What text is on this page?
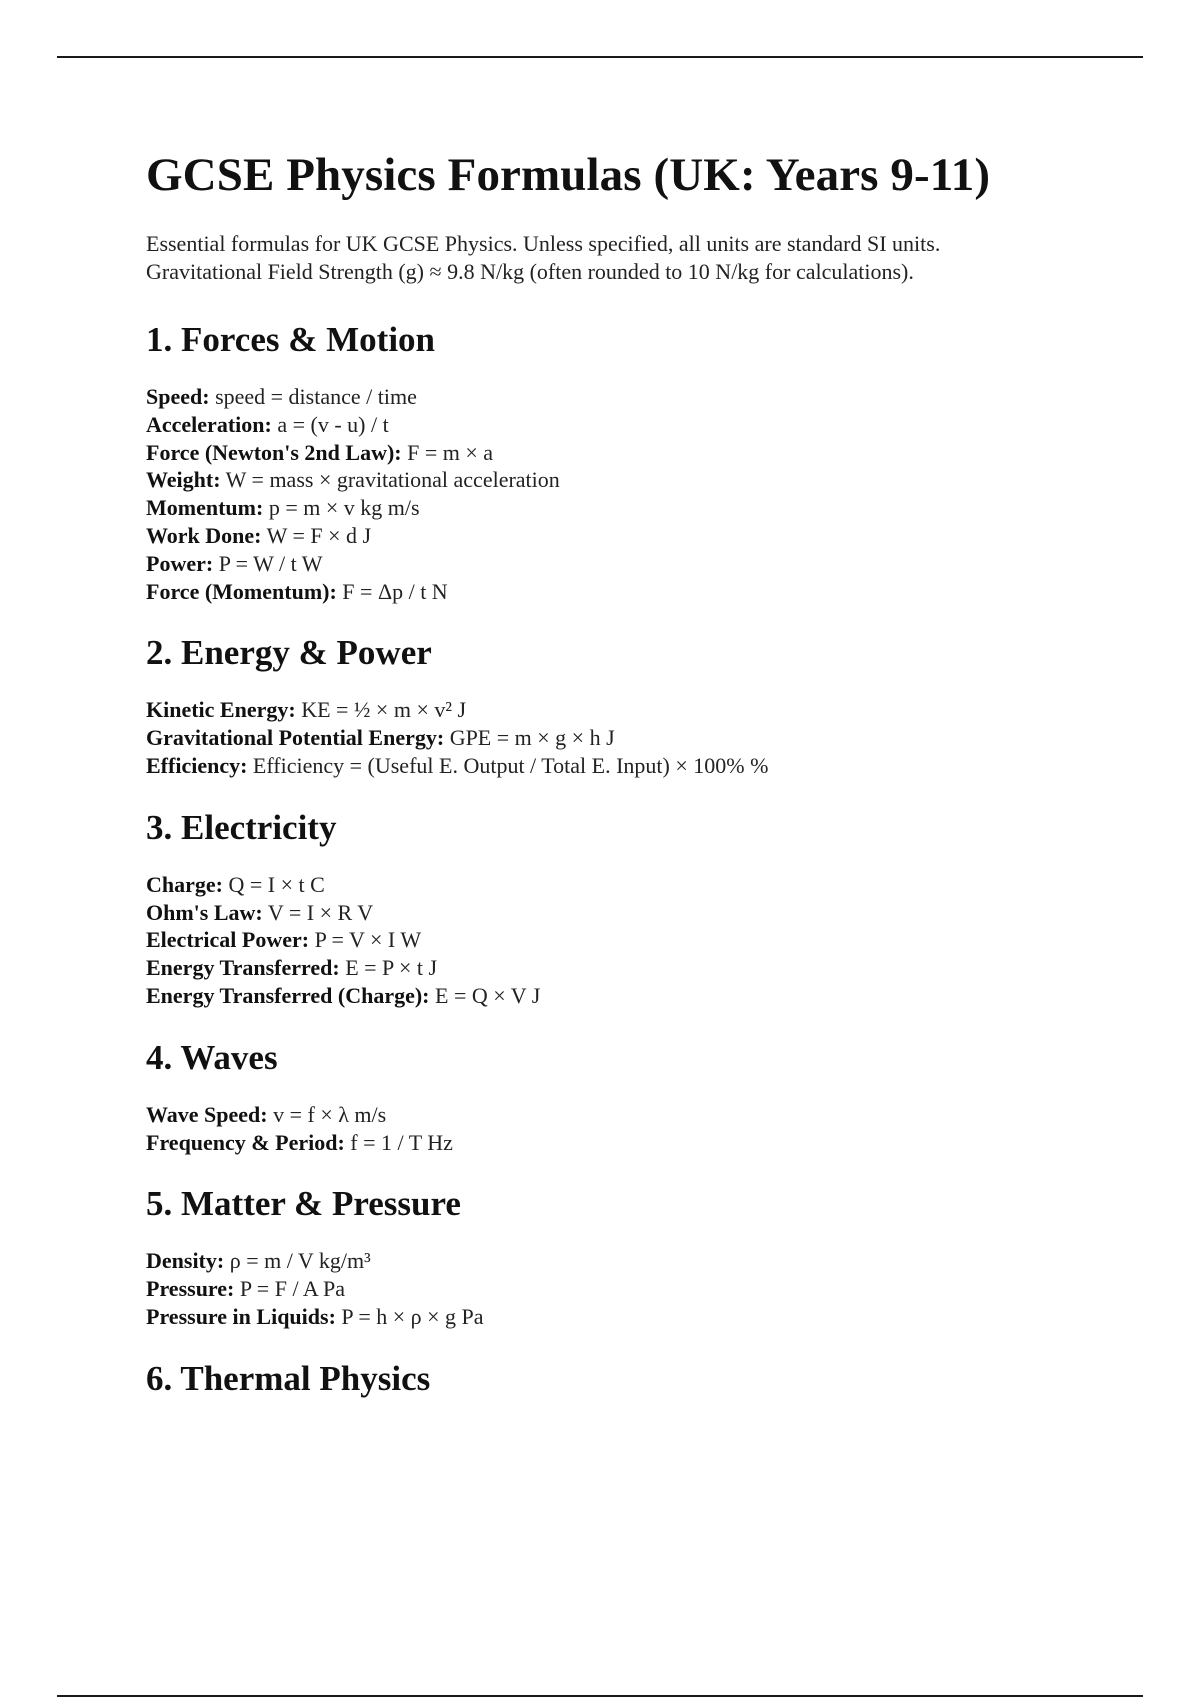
GCSE Physics Formulas (UK: Years 9-11)

Essential formulas for UK GCSE Physics. Unless specified, all units are standard SI units.

Gravitational Field Strength (g) ≈ 9.8 N/kg (often rounded to 10 N/kg for calculations).

1. Forces & Motion
Speed: speed = distance / time
Acceleration: a = (v - u) / t
Force (Newton's 2nd Law): F = m × a
Weight: W = mass × gravitational acceleration
Momentum: p = m × v kg m/s
Work Done: W = F × d J
Power: P = W / t W
Force (Momentum): F = Δp / t N
2. Energy & Power
Kinetic Energy: KE = ½ × m × v² J
Gravitational Potential Energy: GPE = m × g × h J
Efficiency: Efficiency = (Useful E. Output / Total E. Input) × 100% %
3. Electricity
Charge: Q = I × t C
Ohm's Law: V = I × R V
Electrical Power: P = V × I W
Energy Transferred: E = P × t J
Energy Transferred (Charge): E = Q × V J
4. Waves
Wave Speed: v = f × λ m/s
Frequency & Period: f = 1 / T Hz
5. Matter & Pressure
Density: ρ = m / V kg/m³
Pressure: P = F / A Pa
Pressure in Liquids: P = h × ρ × g Pa
6. Thermal Physics
